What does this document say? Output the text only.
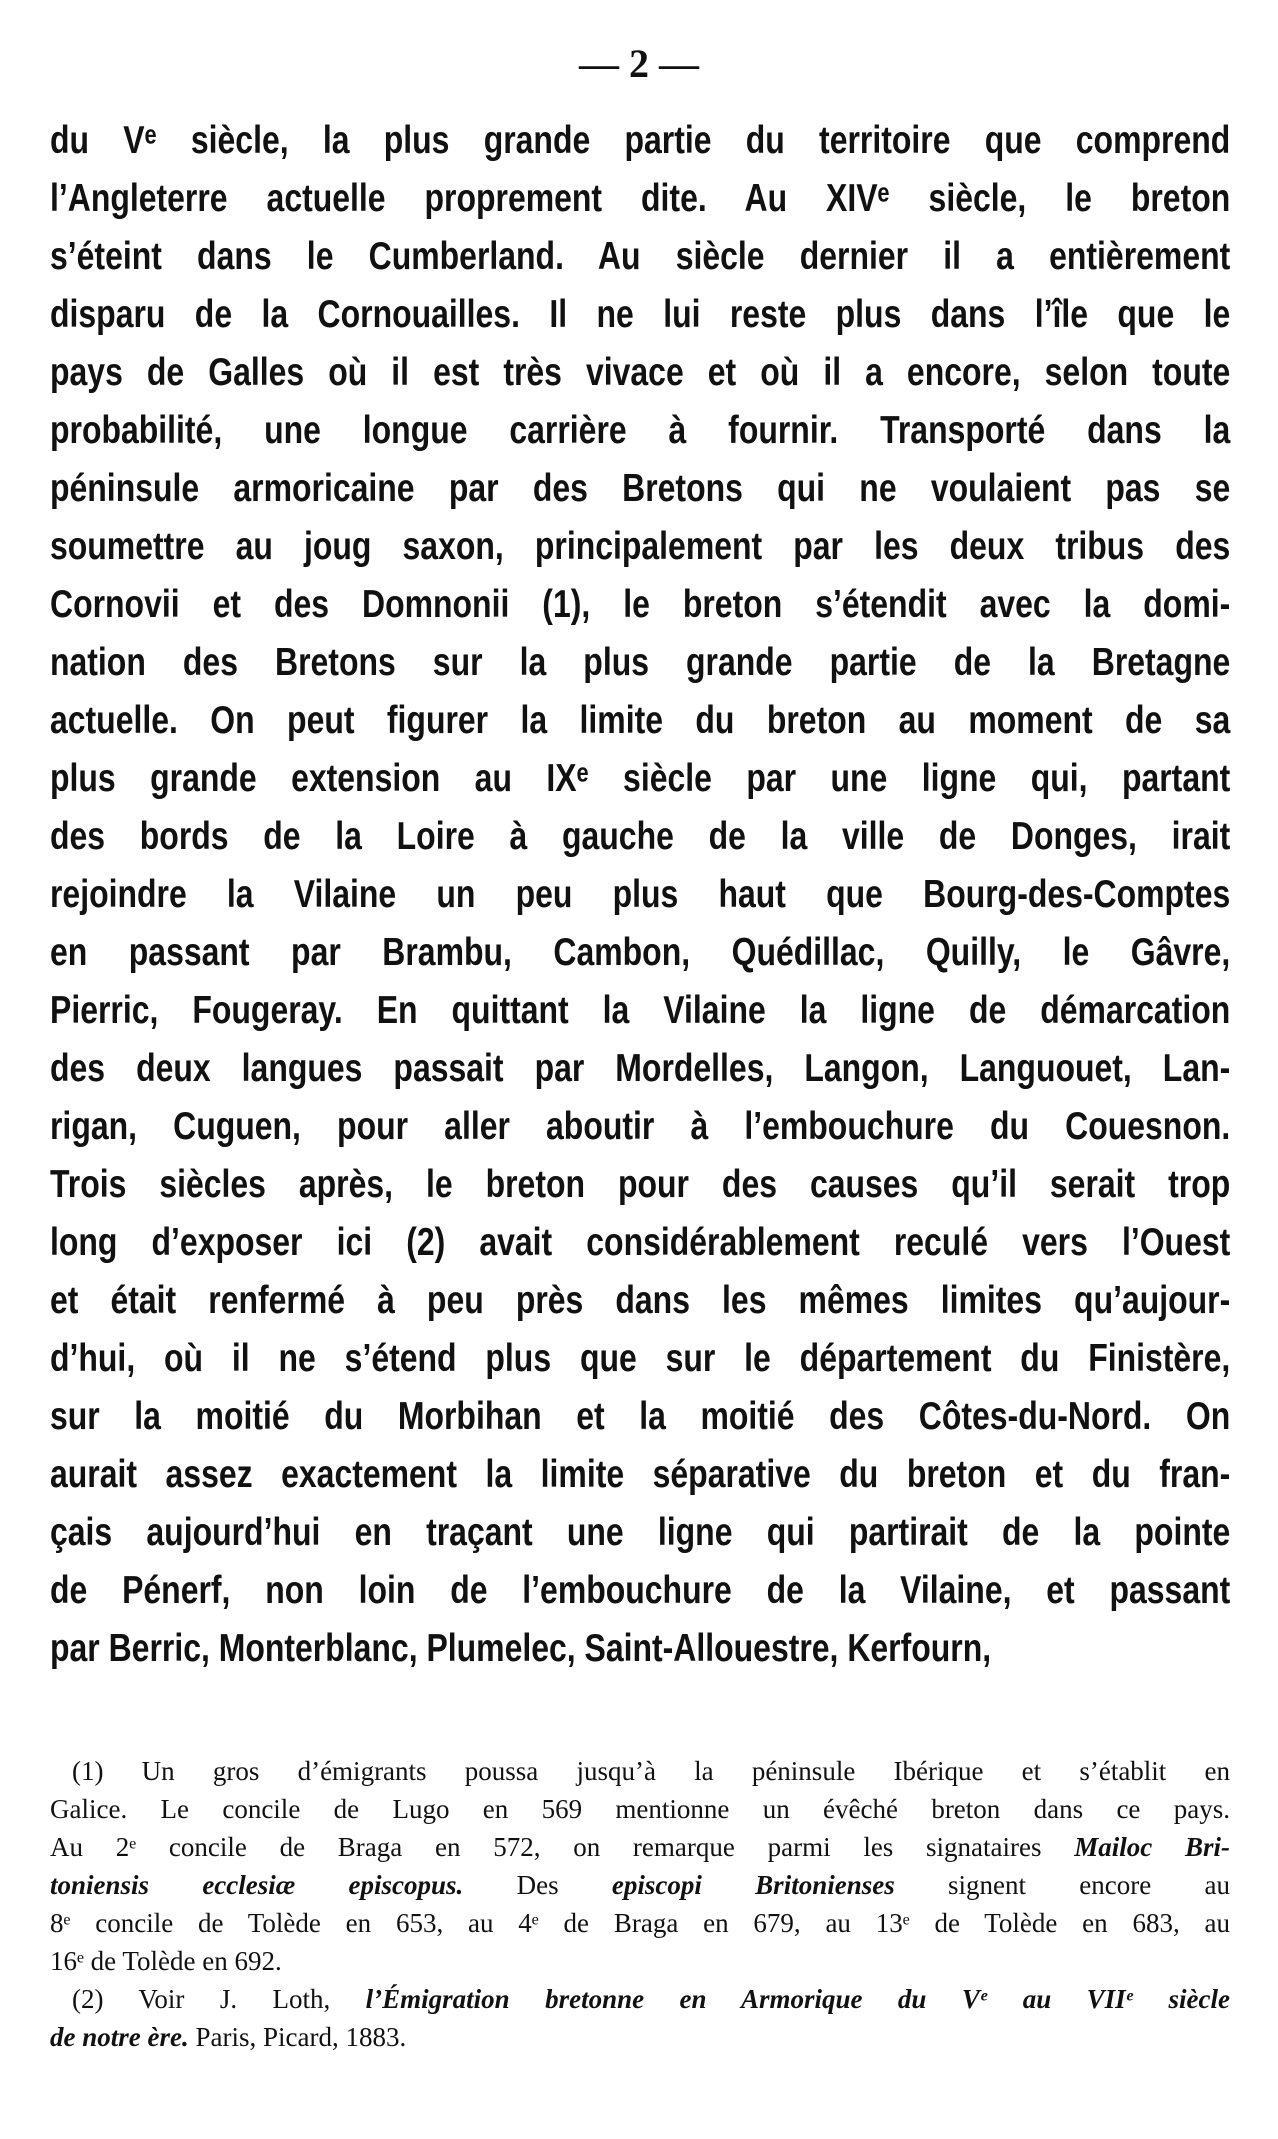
— 2 —
du Vᵉ siècle, la plus grande partie du territoire que comprend
l’Angleterre actuelle proprement dite. Au XIVᵉ siècle, le breton
s’éteint dans le Cumberland. Au siècle dernier il a entièrement
disparu de la Cornouailles. Il ne lui reste plus dans l’île que le
pays de Galles où il est très vivace et où il a encore, selon toute
probabilité, une longue carrière à fournir. Transporté dans la
péninsule armoricaine par des Bretons qui ne voulaient pas se
soumettre au joug saxon, principalement par les deux tribus des
Cornovii et des Domnonii (1), le breton s’étendit avec la domi-
nation des Bretons sur la plus grande partie de la Bretagne
actuelle. On peut figurer la limite du breton au moment de sa
plus grande extension au IXᵉ siècle par une ligne qui, partant
des bords de la Loire à gauche de la ville de Donges, irait
rejoindre la Vilaine un peu plus haut que Bourg-des-Comptes
en passant par Brambu, Cambon, Quédillac, Quilly, le Gâvre,
Pierric, Fougeray. En quittant la Vilaine la ligne de démarcation
des deux langues passait par Mordelles, Langon, Languouet, Lan-
rigan, Cuguen, pour aller aboutir à l’embouchure du Couesnon.
Trois siècles après, le breton pour des causes qu’il serait trop
long d’exposer ici (2) avait considérablement reculé vers l’Ouest
et était renfermé à peu près dans les mêmes limites qu’aujour-
d’hui, où il ne s’étend plus que sur le département du Finistère,
sur la moitié du Morbihan et la moitié des Côtes-du-Nord. On
aurait assez exactement la limite séparative du breton et du fran-
çais aujourd’hui en traçant une ligne qui partirait de la pointe
de Pénerf, non loin de l’embouchure de la Vilaine, et passant
par Berric, Monterblanc, Plumelec, Saint-Allouestre, Kerfourn,
(1) Un gros d’émigrants poussa jusqu’à la péninsule Ibérique et s’établit en
Galice. Le concile de Lugo en 569 mentionne un évêché breton dans ce pays.
Au 2ᵉ concile de Braga en 572, on remarque parmi les signataires Mailoc Bri-
toniensis ecclesiæ episcopus. Des episcopi Britonienses signent encore au
8ᵉ concile de Tolède en 653, au 4ᵉ de Braga en 679, au 13ᵉ de Tolède en 683, au
16ᵉ de Tolède en 692.
(2) Voir J. Loth, l’Émigration bretonne en Armorique du Vᵉ au VIIᵉ siècle
de notre ère. Paris, Picard, 1883.
